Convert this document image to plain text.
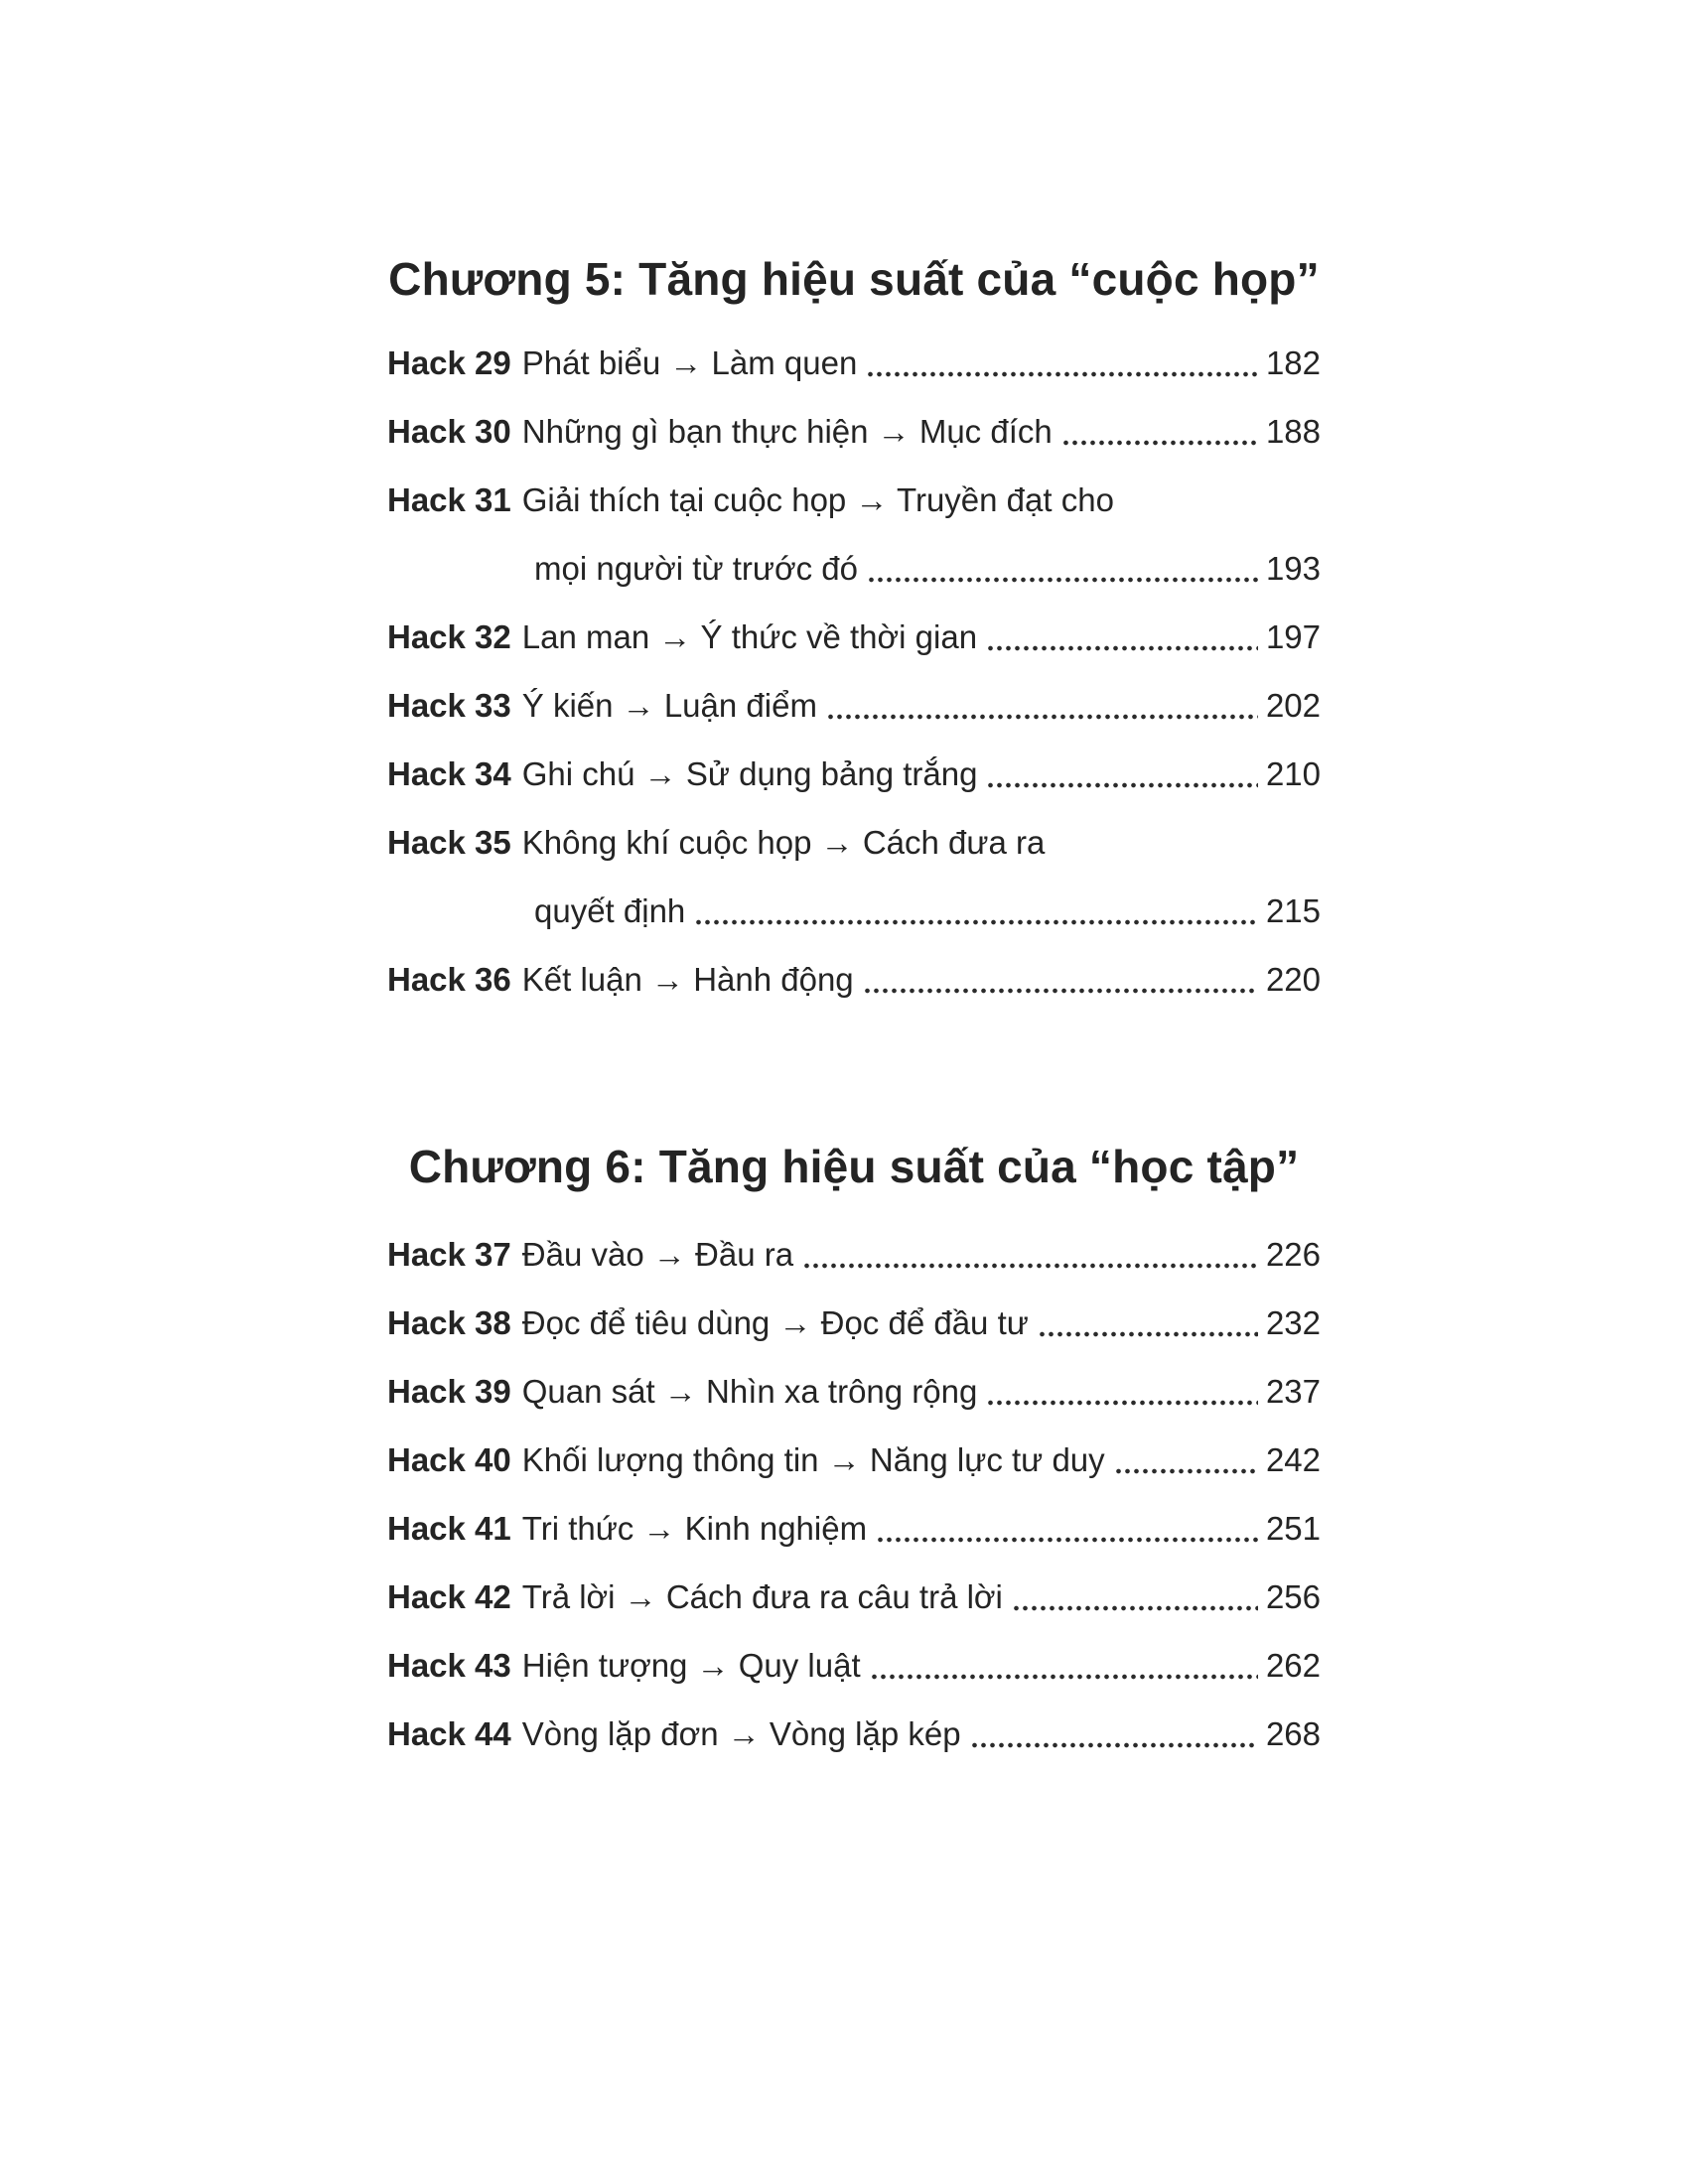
Chương 5: Tăng hiệu suất của “cuộc họp”
Hack 29 Phát biểu → Làm quen	182
Hack 30 Những gì bạn thực hiện → Mục đích	188
Hack 31 Giải thích tại cuộc họp → Truyền đạt cho
mọi người từ trước đó	193
Hack 32 Lan man → Ý thức về thời gian	197
Hack 33 Ý kiến → Luận điểm	202
Hack 34 Ghi chú → Sử dụng bảng trắng	210
Hack 35 Không khí cuộc họp → Cách đưa ra
quyết định	215
Hack 36 Kết luận → Hành động	220
Chương 6: Tăng hiệu suất của “học tập”
Hack 37 Đầu vào → Đầu ra	226
Hack 38 Đọc để tiêu dùng → Đọc để đầu tư	232
Hack 39 Quan sát → Nhìn xa trông rộng	237
Hack 40 Khối lượng thông tin → Năng lực tư duy	242
Hack 41 Tri thức → Kinh nghiệm	251
Hack 42 Trả lời → Cách đưa ra câu trả lời	256
Hack 43 Hiện tượng → Quy luật	262
Hack 44 Vòng lặp đơn → Vòng lặp kép	268
